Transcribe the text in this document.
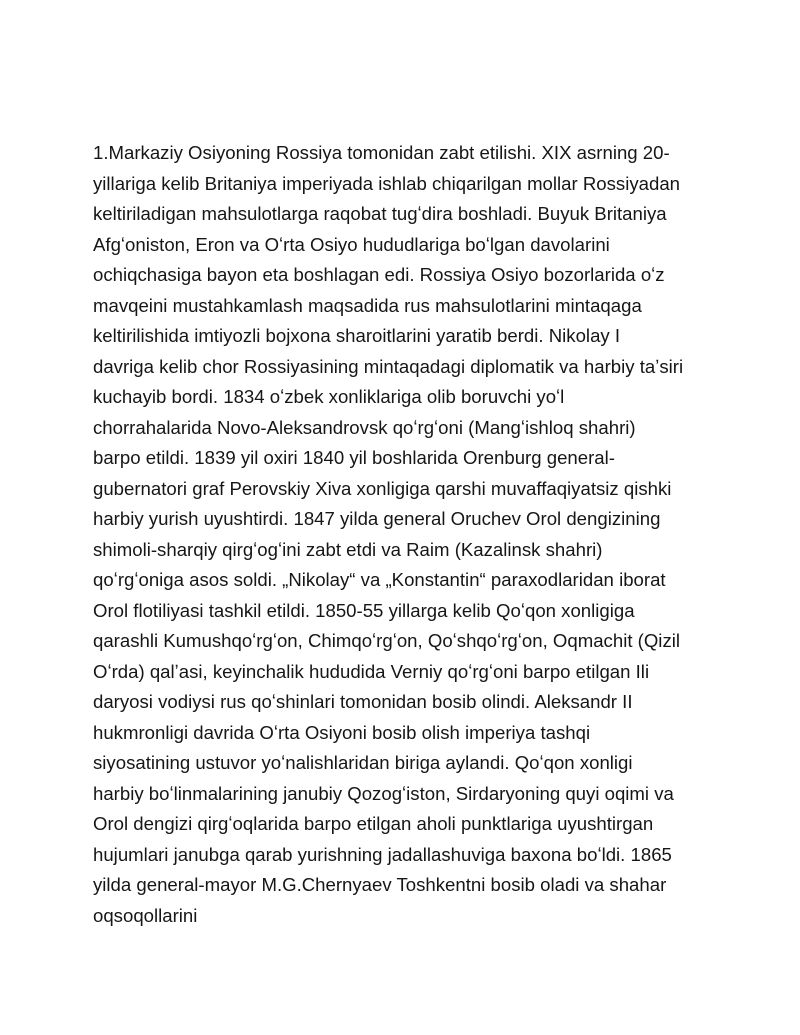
1.Markaziy Osiyoning Rossiya tomonidan zabt etilishi. XIX asrning 20-
yillariga kelib Britaniya imperiyada ishlab chiqarilgan mollar Rossiyadan
keltiriladigan mahsulotlarga raqobat tugʻdira boshladi. Buyuk Britaniya
Afgʻoniston, Eron va Oʻrta Osiyo hududlariga boʻlgan davolarini
ochiqchasiga bayon eta boshlagan edi. Rossiya Osiyo bozorlarida oʻz
mavqeini mustahkamlash maqsadida rus mahsulotlarini mintaqaga
keltirilishida imtiyozli bojxona sharoitlarini yaratib berdi. Nikolay I
davriga kelib chor Rossiyasining mintaqadagi diplomatik va harbiy taʼsiri
kuchayib bordi. 1834 oʻzbek xonliklariga olib boruvchi yoʻl
chorrahalarida Novo-Aleksandrovsk qoʻrgʻoni (Mangʻishloq shahri)
barpo etildi. 1839 yil oxiri 1840 yil boshlarida Orenburg general-
gubernatori graf Perovskiy Xiva xonligiga qarshi muvaffaqiyatsiz qishki
harbiy yurish uyushtirdi. 1847 yilda general Oruchev Orol dengizining
shimoli-sharqiy qirgʻogʻini zabt etdi va Raim (Kazalinsk shahri)
qoʻrgʻoniga asos soldi. „Nikolay“ va „Konstantin“ paraxodlaridan iborat
Orol flotiliyasi tashkil etildi. 1850-55 yillarga kelib Qoʻqon xonligiga
qarashli Kumushqoʻrgʻon, Chimqoʻrgʻon, Qoʻshqoʻrgʻon, Oqmachit (Qizil
Oʻrda) qalʼasi, keyinchalik hududida Verniy qoʻrgʻoni barpo etilgan Ili
daryosi vodiysi rus qoʻshinlari tomonidan bosib olindi. Aleksandr II
hukmronligi davrida Oʻrta Osiyoni bosib olish imperiya tashqi
siyosatining ustuvor yoʻnalishlaridan biriga aylandi. Qoʻqon xonligi
harbiy boʻlinmalarining janubiy Qozogʻiston, Sirdaryoning quyi oqimi va
Orol dengizi qirgʻoqlarida barpo etilgan aholi punktlariga uyushtirgan
hujumlari janubga qarab yurishning jadallashuviga baxona boʻldi. 1865
yilda general-mayor M.G.Chernyaev Toshkentni bosib oladi va shahar
oqsoqollarini
